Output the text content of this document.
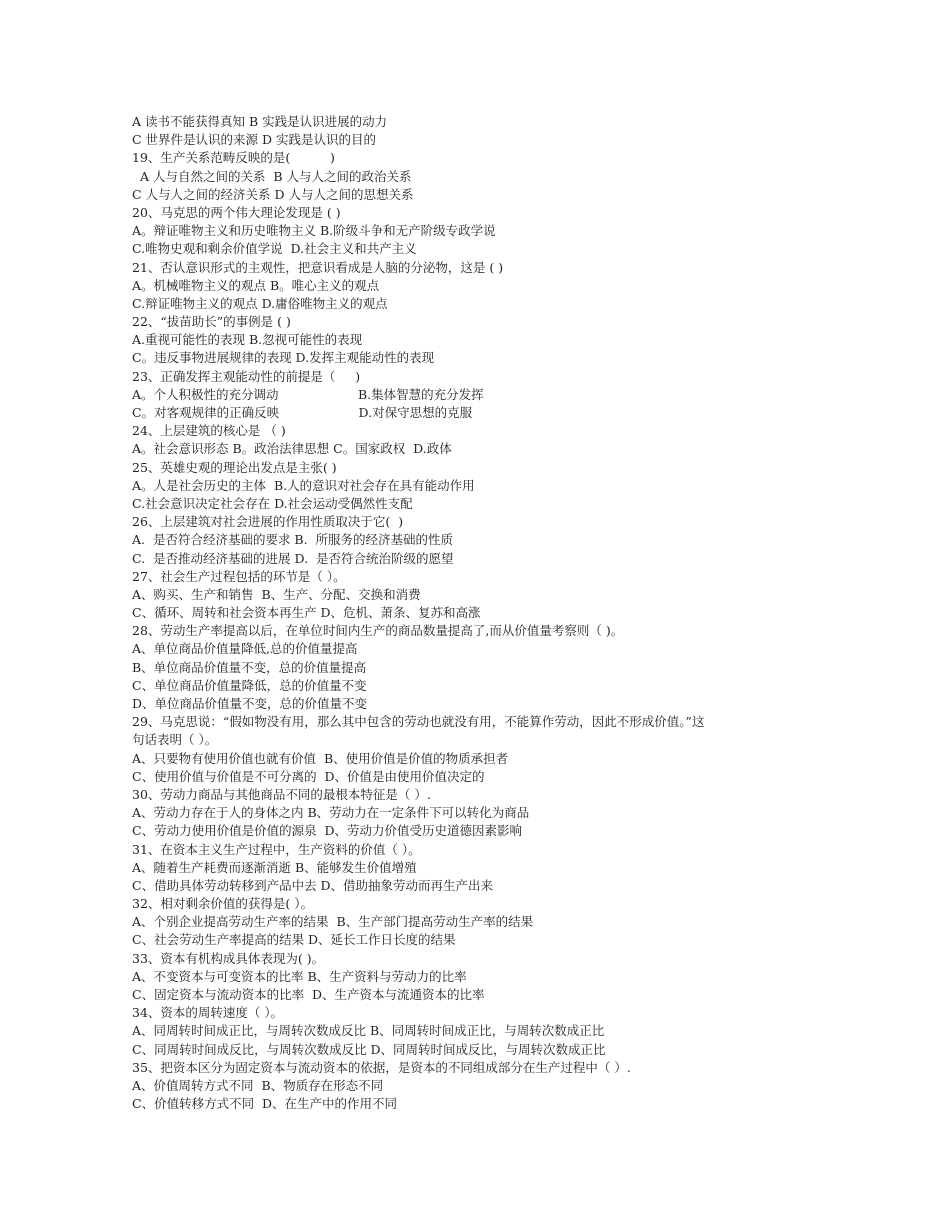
A 读书不能获得真知 B 实践是认识进展的动力
C 世界件是认识的来源 D 实践是认识的目的
19、生产关系范畴反映的是(          )
A 人与自然之间的关系  B 人与人之间的政治关系
C 人与人之间的经济关系 D 人与人之间的思想关系
20、马克思的两个伟大理论发现是 ( )
A。辩证唯物主义和历史唯物主义 B.阶级斗争和无产阶级专政学说
C.唯物史观和剩余价值学说  D.社会主义和共产主义
21、否认意识形式的主观性，把意识看成是人脑的分泌物，这是 ( )
A。机械唯物主义的观点 B。唯心主义的观点
C.辩证唯物主义的观点 D.庸俗唯物主义的观点
22、“拔苗助长”的事例是 ( )
A.重视可能性的表现 B.忽视可能性的表现
C。违反事物进展规律的表现 D.发挥主观能动性的表现
23、正确发挥主观能动性的前提是（     )
A。个人积极性的充分调动                    B.集体智慧的充分发挥
C。对客观规律的正确反映                    D.对保守思想的克服
24、上层建筑的核心是 （ )
A。社会意识形态 B。政治法律思想 C。国家政权  D.政体
25、英雄史观的理论出发点是主张( )
A。人是社会历史的主体  B.人的意识对社会存在具有能动作用
C.社会意识决定社会存在 D.社会运动受偶然性支配
26、上层建筑对社会进展的作用性质取决于它(  )
A.  是否符合经济基础的要求 B.  所服务的经济基础的性质
C.  是否推动经济基础的进展 D.  是否符合统治阶级的愿望
27、社会生产过程包括的环节是（ ）。
A、购买、生产和销售  B、生产、分配、交换和消费
C、循环、周转和社会资本再生产 D、危机、萧条、复苏和高涨
28、劳动生产率提高以后，在单位时间内生产的商品数量提高了,而从价值量考察则（ )。
A、单位商品价值量降低,总的价值量提高
B、单位商品价值量不变，总的价值量提高
C、单位商品价值量降低，总的价值量不变
D、单位商品价值量不变，总的价值量不变
29、马克思说：“假如物没有用，那么其中包含的劳动也就没有用，不能算作劳动，因此不形成价值。”这
句话表明（ ）。
A、只要物有使用价值也就有价值  B、使用价值是价值的物质承担者
C、使用价值与价值是不可分离的  D、价值是由使用价值决定的
30、劳动力商品与其他商品不同的最根本特征是（ ）.
A、劳动力存在于人的身体之内 B、劳动力在一定条件下可以转化为商品
C、劳动力使用价值是价值的源泉  D、劳动力价值受历史道德因素影响
31、在资本主义生产过程中，生产资料的价值（ ）。
A、随着生产耗费而逐渐消逝 B、能够发生价值增殖
C、借助具体劳动转移到产品中去 D、借助抽象劳动而再生产出来
32、相对剩余价值的获得是( ）。
A、个别企业提高劳动生产率的结果  B、生产部门提高劳动生产率的结果
C、社会劳动生产率提高的结果 D、延长工作日长度的结果
33、资本有机构成具体表现为( )。
A、不变资本与可变资本的比率 B、生产资料与劳动力的比率
C、固定资本与流动资本的比率  D、生产资本与流通资本的比率
34、资本的周转速度（ ）。
A、同周转时间成正比，与周转次数成反比 B、同周转时间成正比，与周转次数成正比
C、同周转时间成反比，与周转次数成反比 D、同周转时间成反比，与周转次数成正比
35、把资本区分为固定资本与流动资本的依据，是资本的不同组成部分在生产过程中（ ）.
A、价值周转方式不同  B、物质存在形态不同
C、价值转移方式不同  D、在生产中的作用不同
